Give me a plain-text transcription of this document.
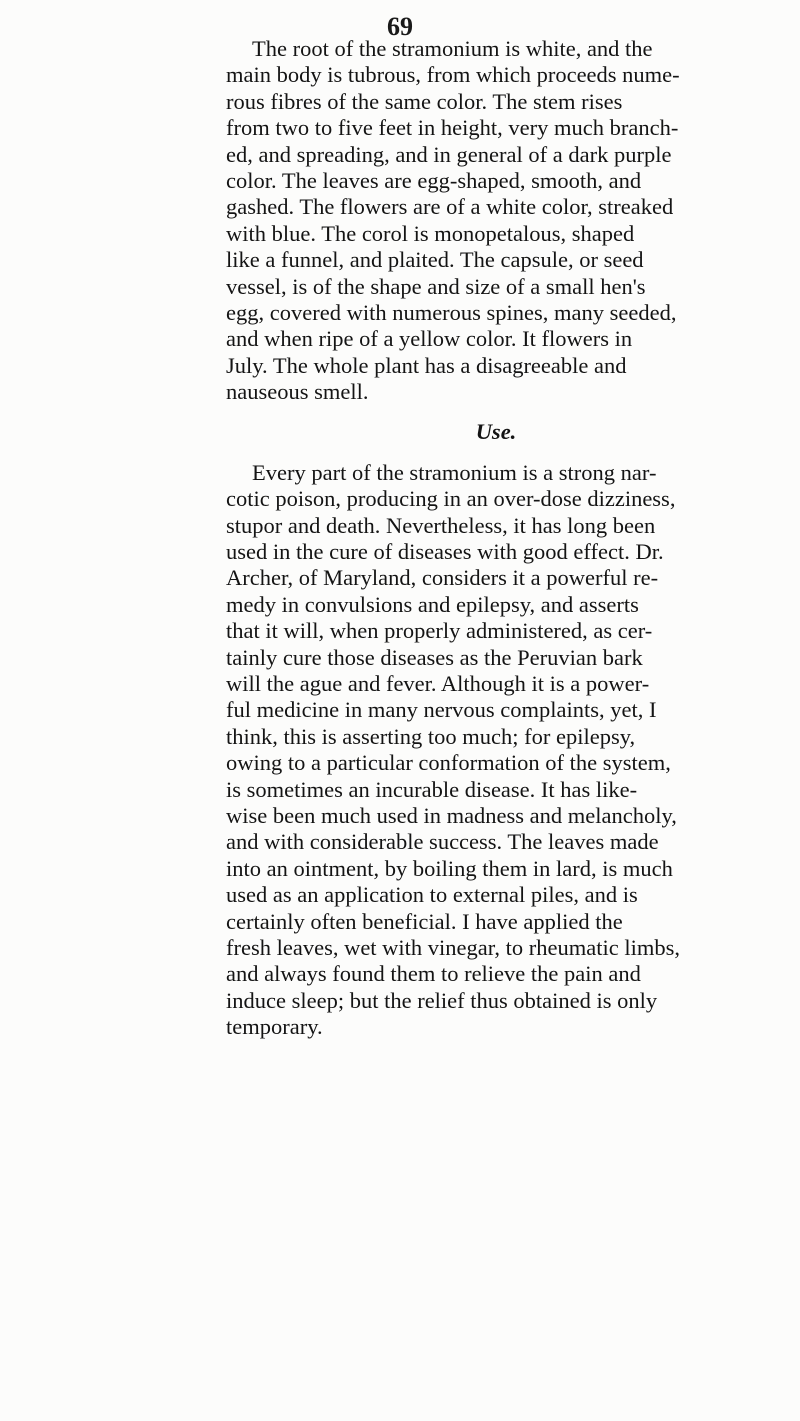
69
The root of the stramonium is white, and the
main body is tubrous, from which proceeds nume-
rous fibres of the same color. The stem rises
from two to five feet in height, very much branch-
ed, and spreading, and in general of a dark purple
color. The leaves are egg-shaped, smooth, and
gashed. The flowers are of a white color, streaked
with blue. The corol is monopetalous, shaped
like a funnel, and plaited. The capsule, or seed
vessel, is of the shape and size of a small hen's
egg, covered with numerous spines, many seeded,
and when ripe of a yellow color. It flowers in
July. The whole plant has a disagreeable and
nauseous smell.
Use.
Every part of the stramonium is a strong nar-
cotic poison, producing in an over-dose dizziness,
stupor and death. Nevertheless, it has long been
used in the cure of diseases with good effect. Dr.
Archer, of Maryland, considers it a powerful re-
medy in convulsions and epilepsy, and asserts
that it will, when properly administered, as cer-
tainly cure those diseases as the Peruvian bark
will the ague and fever. Although it is a power-
ful medicine in many nervous complaints, yet, I
think, this is asserting too much; for epilepsy,
owing to a particular conformation of the system,
is sometimes an incurable disease. It has like-
wise been much used in madness and melancholy,
and with considerable success. The leaves made
into an ointment, by boiling them in lard, is much
used as an application to external piles, and is
certainly often beneficial. I have applied the
fresh leaves, wet with vinegar, to rheumatic limbs,
and always found them to relieve the pain and
induce sleep; but the relief thus obtained is only
temporary.
